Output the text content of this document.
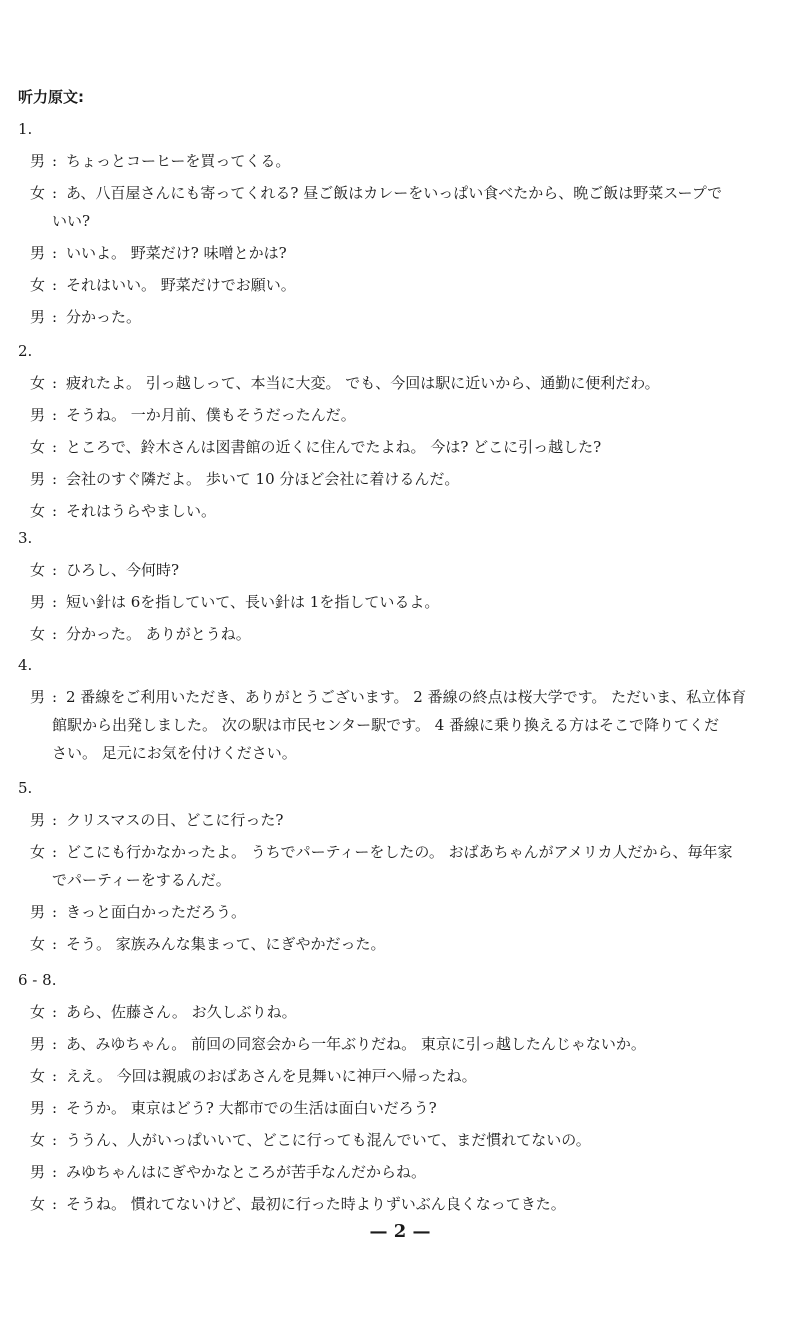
听力原文:
1.
男 : ちょっとコーヒーを買ってくる。
女 : あ、八百屋さんにも寄ってくれる? 昼ご飯はカレーをいっぱい食べたから、晩ご飯は野菜スープで
いい?
男 : いいよ。 野菜だけ? 味噌とかは?
女 : それはいい。 野菜だけでお願い。
男 : 分かった。
2.
女 : 疲れたよ。 引っ越しって、本当に大変。 でも、今回は駅に近いから、通勤に便利だわ。
男 : そうね。 一か月前、僕もそうだったんだ。
女 : ところで、鈴木さんは図書館の近くに住んでたよね。 今は? どこに引っ越した?
男 : 会社のすぐ隣だよ。 歩いて 10 分ほど会社に着けるんだ。
女 : それはうらやましい。
3.
女 : ひろし、今何時?
男 : 短い針は 6を指していて、長い針は 1を指しているよ。
女 : 分かった。 ありがとうね。
4.
男 : 2 番線をご利用いただき、ありがとうございます。 2 番線の終点は桜大学です。 ただいま、私立体育
館駅から出発しました。 次の駅は市民センター駅です。 4 番線に乗り換える方はそこで降りてくだ
さい。 足元にお気を付けください。
5.
男 : クリスマスの日、どこに行った?
女 : どこにも行かなかったよ。 うちでパーティーをしたの。 おばあちゃんがアメリカ人だから、毎年家
でパーティーをするんだ。
男 : きっと面白かっただろう。
女 : そう。 家族みんな集まって、にぎやかだった。
6 - 8.
女 : あら、佐藤さん。 お久しぶりね。
男 : あ、みゆちゃん。 前回の同窓会から一年ぶりだね。 東京に引っ越したんじゃないか。
女 : ええ。 今回は親戚のおばあさんを見舞いに神戸へ帰ったね。
男 : そうか。 東京はどう? 大都市での生活は面白いだろう?
女 : ううん、人がいっぱいいて、どこに行っても混んでいて、まだ慣れてないの。
男 : みゆちゃんはにぎやかなところが苦手なんだからね。
女 : そうね。 慣れてないけど、最初に行った時よりずいぶん良くなってきた。
— 2 —
